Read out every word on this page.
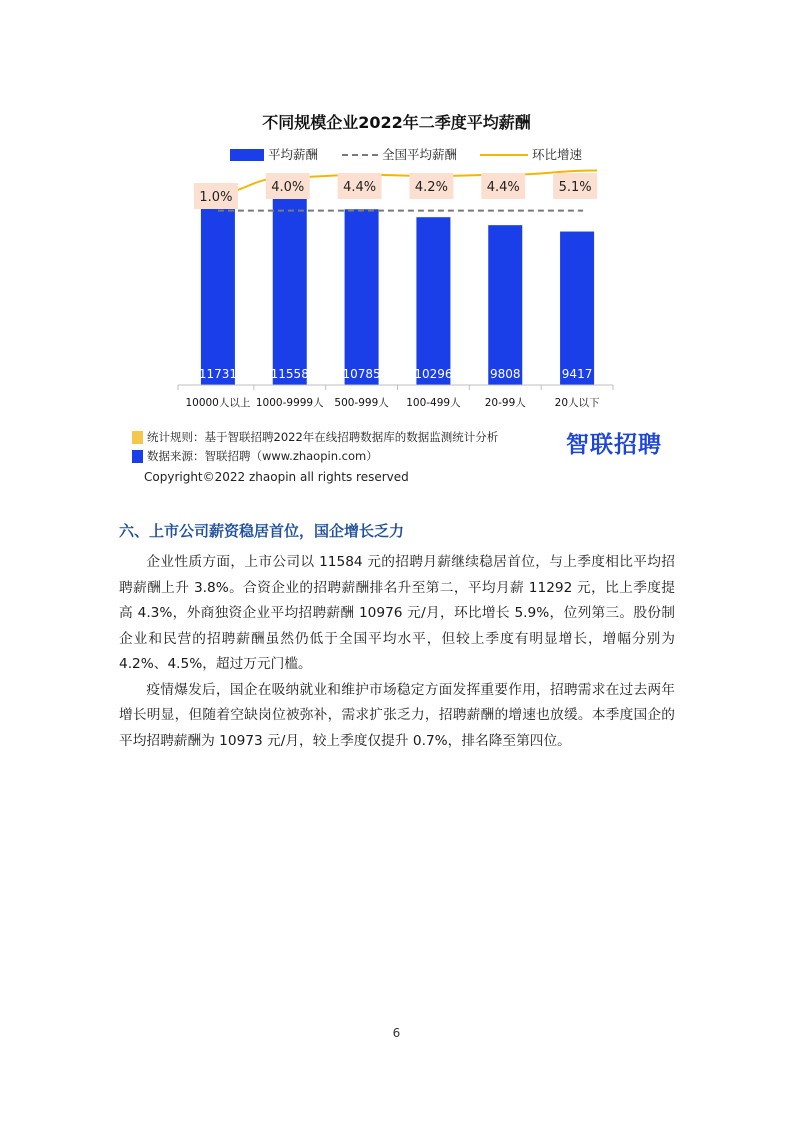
不同规模企业2022年二季度平均薪酬
平均薪酬	全国平均薪酬	环比增速
1.0%
4.0%	4.4%	4.2%	4.4%	5.1%
11731	11558	10785	10296	9808	9417
10000人以上 1000-9999人 500-999人 100-499人 20-99人	20人以下
统计规则：基于智联招聘2022年在线招聘数据库的数据监测统计分析
数据来源：智联招聘（www.zhaopin.com）	智联招聘
Copyright©2022 zhaopin all rights reserved
六、上市公司薪资稳居首位，国企增长乏力

企业性质方面，上市公司以 11584 元的招聘月薪继续稳居首位，与上季度相比平均招聘薪酬上升 3.8%。合资企业的招聘薪酬排名升至第二，平均月薪 11292 元，比上季度提高 4.3%，外商独资企业平均招聘薪酬 10976 元/月，环比增长 5.9%，位列第三。股份制企业和民营的招聘薪酬虽然仍低于全国平均水平，但较上季度有明显增长，增幅分别为 4.2%、4.5%，超过万元门槛。

疫情爆发后，国企在吸纳就业和维护市场稳定方面发挥重要作用，招聘需求在过去两年增长明显，但随着空缺岗位被弥补，需求扩张乏力，招聘薪酬的增速也放缓。本季度国企的平均招聘薪酬为 10973 元/月，较上季度仅提升 0.7%，排名降至第四位。

6
